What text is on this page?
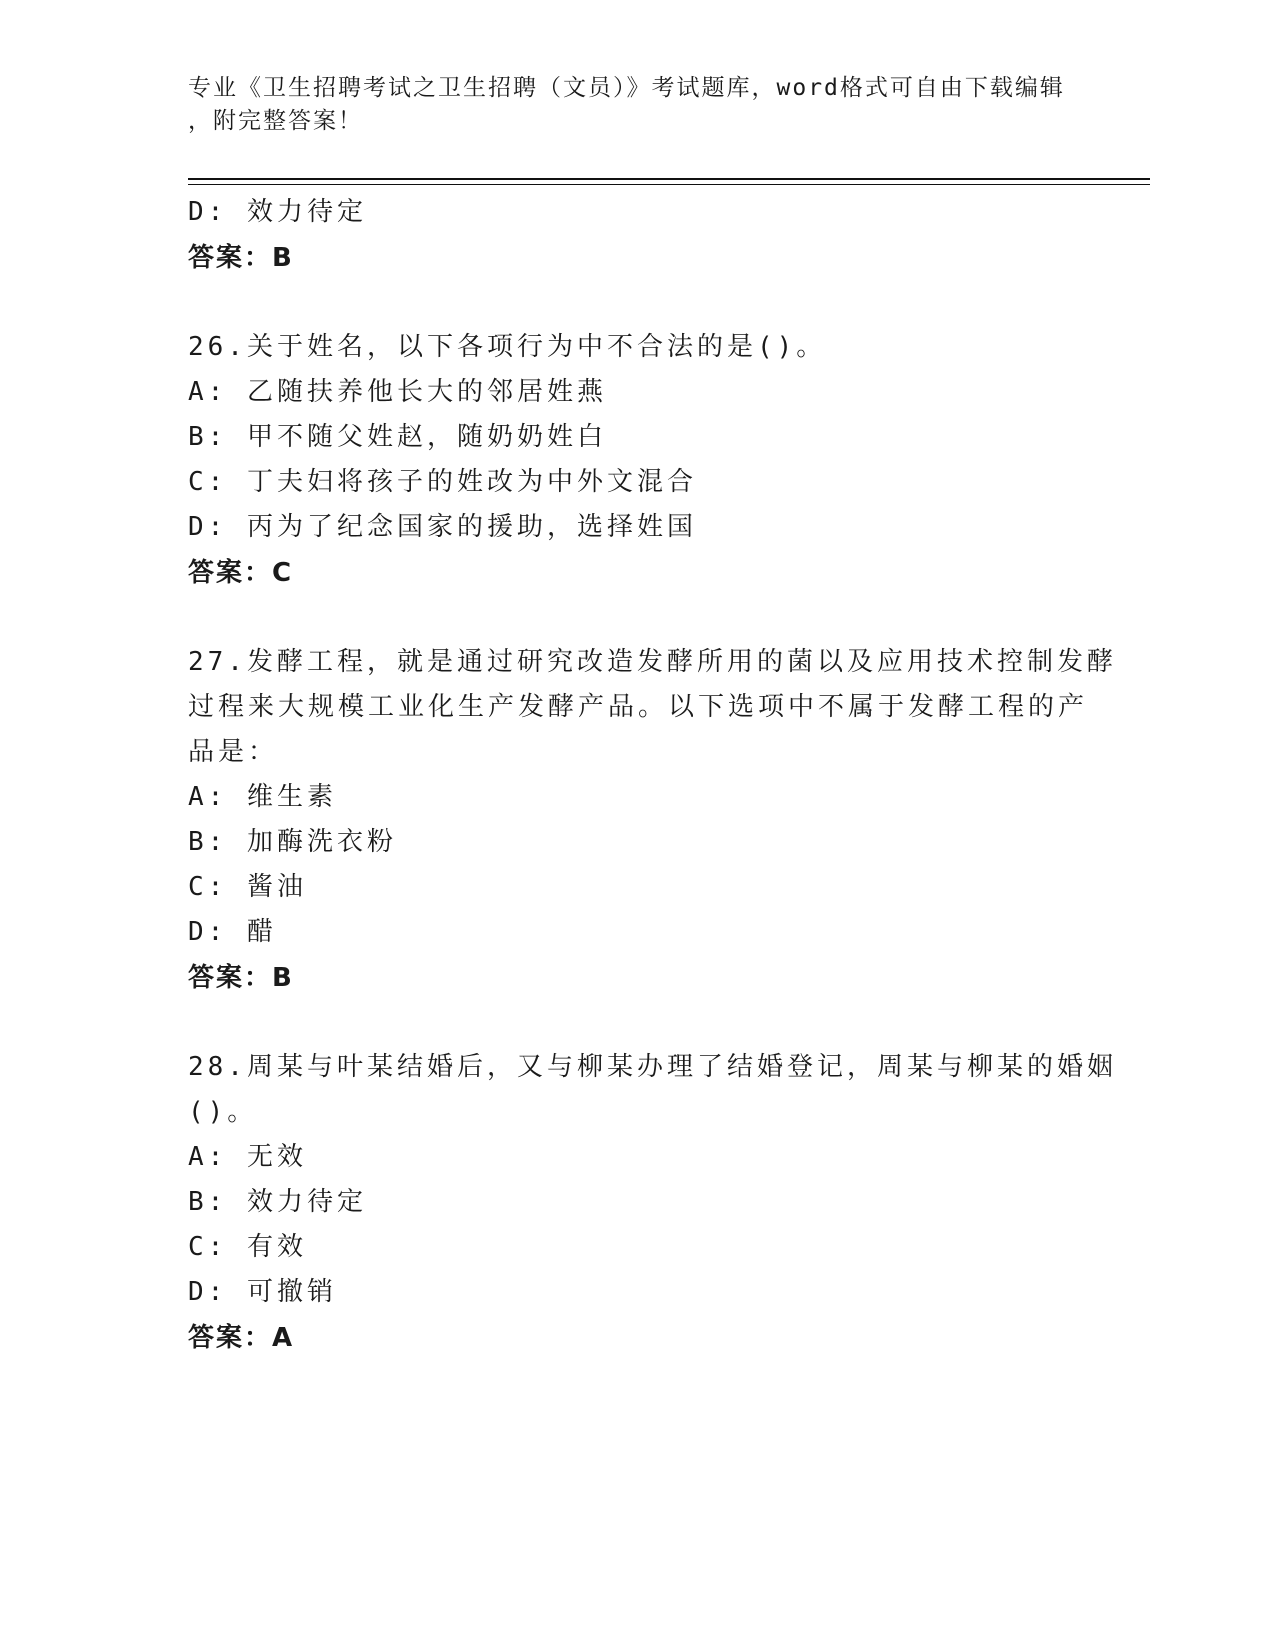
专业《卫生招聘考试之卫生招聘（文员）》考试题库，word格式可自由下载编辑
，附完整答案！
D: 效力待定
答案：B
26.关于姓名，以下各项行为中不合法的是()。
A: 乙随扶养他长大的邻居姓燕
B: 甲不随父姓赵，随奶奶姓白
C: 丁夫妇将孩子的姓改为中外文混合
D: 丙为了纪念国家的援助，选择姓国
答案：C
27.发酵工程，就是通过研究改造发酵所用的菌以及应用技术控制发酵
过程来大规模工业化生产发酵产品。以下选项中不属于发酵工程的产
品是：
A: 维生素
B: 加酶洗衣粉
C: 酱油
D: 醋
答案：B
28.周某与叶某结婚后，又与柳某办理了结婚登记，周某与柳某的婚姻
()。
A: 无效
B: 效力待定
C: 有效
D: 可撤销
答案：A
